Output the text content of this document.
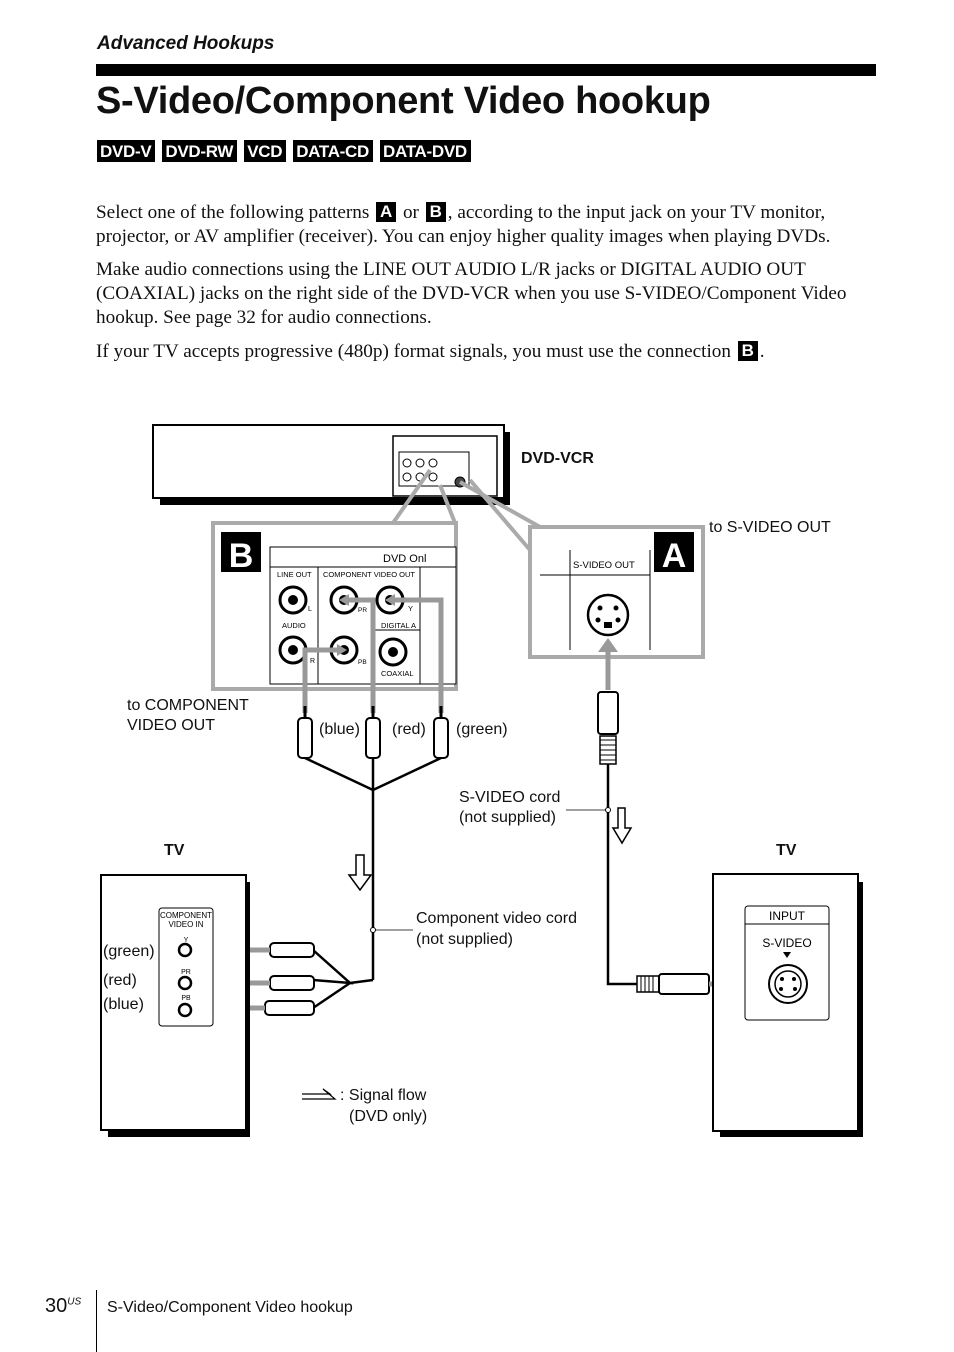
Advanced Hookups
S-Video/Component Video hookup
DVD-V DVD-RW VCD DATA-CD DATA-DVD
Select one of the following patterns A or B , according to the input jack on your TV monitor, projector, or AV amplifier (receiver). You can enjoy higher quality images when playing DVDs.
Make audio connections using the LINE OUT AUDIO L/R jacks or DIGITAL AUDIO OUT (COAXIAL) jacks on the right side of the DVD-VCR when you use S-VIDEO/Component Video hookup. See page 32 for audio connections.
If your TV accepts progressive (480p) format signals, you must use the connection B .
B	A
DVD Onl
LINE OUT COMPONENT VIDEO OUT
AUDIO
L
R
PR
PB
Y
DIGITAL A
COAXIAL
S-VIDEO OUT
COMPONENT
VIDEO IN
Y
PR
PB
INPUT
S-VIDEO
DVD-VCR
to S-VIDEO OUT
to COMPONENT
VIDEO OUT	(blue) (red) (green)
S-VIDEO cord
(not supplied)
TV	TV
Component video cord
(not supplied)
(green)
(red)
(blue)
: Signal flow
(DVD only)
$30^{US}$ S-Video/Component Video hookup
